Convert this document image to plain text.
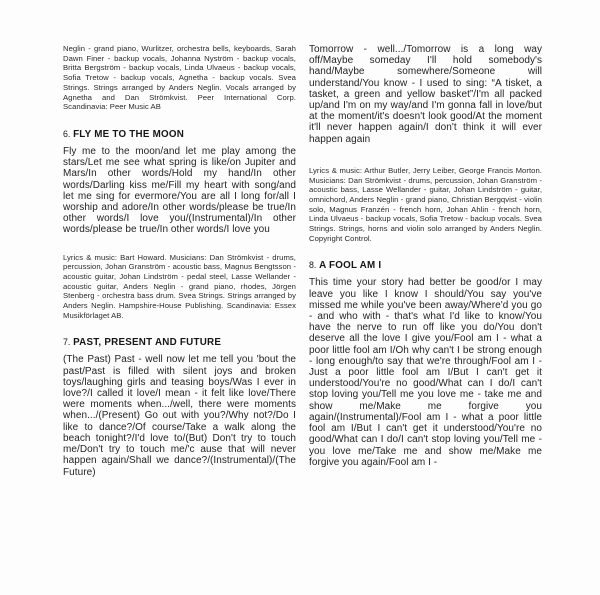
Neglin - grand piano, Wurlitzer, orchestra bells, keyboards, Sarah Dawn Finer - backup vocals, Johanna Nyström - backup vocals, Britta Bergström - backup vocals, Linda Ulvaeus - backup vocals, Sofia Tretow - backup vocals, Agnetha - backup vocals. Svea Strings. Strings arranged by Anders Neglin. Vocals arranged by Agnetha and Dan Strömkvist. Peer International Corp. Scandinavia: Peer Music AB

6. FLY ME TO THE MOON

Fly me to the moon/and let me play among the stars/Let me see what spring is like/on Jupiter and Mars/In other words/Hold my hand/In other words/Darling kiss me/Fill my heart with song/and let me sing for evermore/You are all I long for/all I worship and adore/In other words/please be true/In other words/I love you/(Instrumental)/In other words/please be true/In other words/I love you

Lyrics & music: Bart Howard. Musicians: Dan Strömkvist - drums, percussion, Johan Granström - acoustic bass, Magnus Bengtsson - acoustic guitar, Johan Lindström - pedal steel, Lasse Wellander - acoustic guitar, Anders Neglin - grand piano, rhodes, Jörgen Stenberg - orchestra bass drum. Svea Strings. Strings arranged by Anders Neglin. Hampshire-House Publishing. Scandinavia: Essex Musikförlaget AB.

7. PAST, PRESENT AND FUTURE

(The Past) Past - well now let me tell you 'bout the past/Past is filled with silent joys and broken toys/laughing girls and teasing boys/Was I ever in love?/I called it love/I mean - it felt like love/There were moments when.../well, there were moments when.../(Present) Go out with you?/Why not?/Do I like to dance?/Of course/Take a walk along the beach tonight?/I'd love to/(But) Don't try to touch me/Don't try to touch me/'c ause that will never happen again/Shall we dance?/(Instrumental)/(The Future)

Tomorrow - well.../Tomorrow is a long way off/Maybe someday I'll hold somebody's hand/Maybe somewhere/Someone will understand/You know - I used to sing: “A tisket, a tasket, a green and yellow basket”/I'm all packed up/and I'm on my way/and I'm gonna fall in love/but at the moment/it's doesn't look good/At the moment it'll never happen again/I don't think it will ever happen again

Lyrics & music: Arthur Butler, Jerry Leiber, George Francis Morton. Musicians: Dan Strömkvist - drums, percussion, Johan Granström - acoustic bass, Lasse Wellander - guitar, Johan Lindström - guitar, omnichord, Anders Neglin - grand piano, Christian Bergqvist - violin solo, Magnus Franzén - french horn, Johan Ahlin - french horn, Linda Ulvaeus - backup vocals, Sofia Tretow - backup vocals. Svea Strings. Strings, horns and violin solo arranged by Anders Neglin. Copyright Control.

8. A FOOL AM I

This time your story had better be good/or I may leave you like I know I should/You say you've missed me while you've been away/Where'd you go - and who with - that's what I'd like to know/You have the nerve to run off like you do/You don't deserve all the love I give you/Fool am I - what a poor little fool am I/Oh why can't I be strong enough - long enough/to say that we're through/Fool am I - Just a poor little fool am I/But I can't get it understood/You're no good/What can I do/I can't stop loving you/Tell me you love me - take me and show me/Make me forgive you again/(Instrumental)/Fool am I - what a poor little fool am I/But I can't get it understood/You're no good/What can I do/I can't stop loving you/Tell me - you love me/Take me and show me/Make me forgive you again/Fool am I -
